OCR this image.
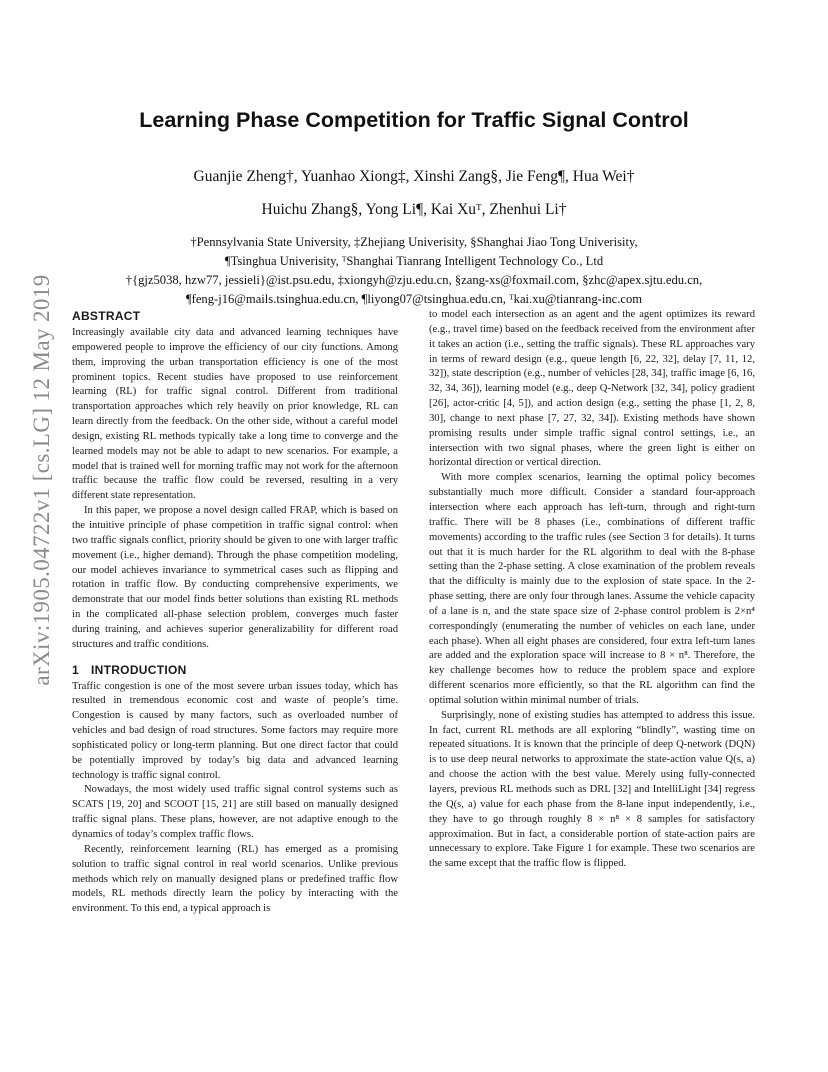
arXiv:1905.04722v1 [cs.LG] 12 May 2019
Learning Phase Competition for Traffic Signal Control
Guanjie Zheng†, Yuanhao Xiong‡, Xinshi Zang§, Jie Feng¶, Hua Wei†
Huichu Zhang§, Yong Li¶, Kai Xuᵀ, Zhenhui Li†
†Pennsylvania State University, ‡Zhejiang Univerisity, §Shanghai Jiao Tong Univerisity,
¶Tsinghua Univerisity, ᵀShanghai Tianrang Intelligent Technology Co., Ltd
†{gjz5038, hzw77, jessieli}@ist.psu.edu, ‡xiongyh@zju.edu.cn, §zang-xs@foxmail.com, §zhc@apex.sjtu.edu.cn,
¶feng-j16@mails.tsinghua.edu.cn, ¶liyong07@tsinghua.edu.cn, ᵀkai.xu@tianrang-inc.com
ABSTRACT

Increasingly available city data and advanced learning techniques have empowered people to improve the efficiency of our city functions. Among them, improving the urban transportation efficiency is one of the most prominent topics. Recent studies have proposed to use reinforcement learning (RL) for traffic signal control. Different from traditional transportation approaches which rely heavily on prior knowledge, RL can learn directly from the feedback. On the other side, without a careful model design, existing RL methods typically take a long time to converge and the learned models may not be able to adapt to new scenarios. For example, a model that is trained well for morning traffic may not work for the afternoon traffic because the traffic flow could be reversed, resulting in a very different state representation.

In this paper, we propose a novel design called FRAP, which is based on the intuitive principle of phase competition in traffic signal control: when two traffic signals conflict, priority should be given to one with larger traffic movement (i.e., higher demand). Through the phase competition modeling, our model achieves invariance to symmetrical cases such as flipping and rotation in traffic flow. By conducting comprehensive experiments, we demonstrate that our model finds better solutions than existing RL methods in the complicated all-phase selection problem, converges much faster during training, and achieves superior generalizability for different road structures and traffic conditions.

1 INTRODUCTION

Traffic congestion is one of the most severe urban issues today, which has resulted in tremendous economic cost and waste of people’s time. Congestion is caused by many factors, such as overloaded number of vehicles and bad design of road structures. Some factors may require more sophisticated policy or long-term planning. But one direct factor that could be potentially improved by today’s big data and advanced learning technology is traffic signal control.

Nowadays, the most widely used traffic signal control systems such as SCATS [19, 20] and SCOOT [15, 21] are still based on manually designed traffic signal plans. These plans, however, are not adaptive enough to the dynamics of today’s complex traffic flows.

Recently, reinforcement learning (RL) has emerged as a promising solution to traffic signal control in real world scenarios. Unlike previous methods which rely on manually designed plans or predefined traffic flow models, RL methods directly learn the policy by interacting with the environment. To this end, a typical approach is

to model each intersection as an agent and the agent optimizes its reward (e.g., travel time) based on the feedback received from the environment after it takes an action (i.e., setting the traffic signals). These RL approaches vary in terms of reward design (e.g., queue length [6, 22, 32], delay [7, 11, 12, 32]), state description (e.g., number of vehicles [28, 34], traffic image [6, 16, 32, 34, 36]), learning model (e.g., deep Q-Network [32, 34], policy gradient [26], actor-critic [4, 5]), and action design (e.g., setting the phase [1, 2, 8, 30], change to next phase [7, 27, 32, 34]). Existing methods have shown promising results under simple traffic signal control settings, i.e., an intersection with two signal phases, where the green light is either on horizontal direction or vertical direction.

With more complex scenarios, learning the optimal policy becomes substantially much more difficult. Consider a standard four-approach intersection where each approach has left-turn, through and right-turn traffic. There will be 8 phases (i.e., combinations of different traffic movements) according to the traffic rules (see Section 3 for details). It turns out that it is much harder for the RL algorithm to deal with the 8-phase setting than the 2-phase setting. A close examination of the problem reveals that the difficulty is mainly due to the explosion of state space. In the 2-phase setting, there are only four through lanes. Assume the vehicle capacity of a lane is n, and the state space size of 2-phase control problem is 2×n⁴ correspondingly (enumerating the number of vehicles on each lane, under each phase). When all eight phases are considered, four extra left-turn lanes are added and the exploration space will increase to 8 × n⁸. Therefore, the key challenge becomes how to reduce the problem space and explore different scenarios more efficiently, so that the RL algorithm can find the optimal solution within minimal number of trials.

Surprisingly, none of existing studies has attempted to address this issue. In fact, current RL methods are all exploring “blindly”, wasting time on repeated situations. It is known that the principle of deep Q-network (DQN) is to use deep neural networks to approximate the state-action value Q(s, a) and choose the action with the best value. Merely using fully-connected layers, previous RL methods such as DRL [32] and IntelliLight [34] regress the Q(s, a) value for each phase from the 8-lane input independently, i.e., they have to go through roughly 8 × n⁸ × 8 samples for satisfactory approximation. But in fact, a considerable portion of state-action pairs are unnecessary to explore. Take Figure 1 for example. These two scenarios are the same except that the traffic flow is flipped.
